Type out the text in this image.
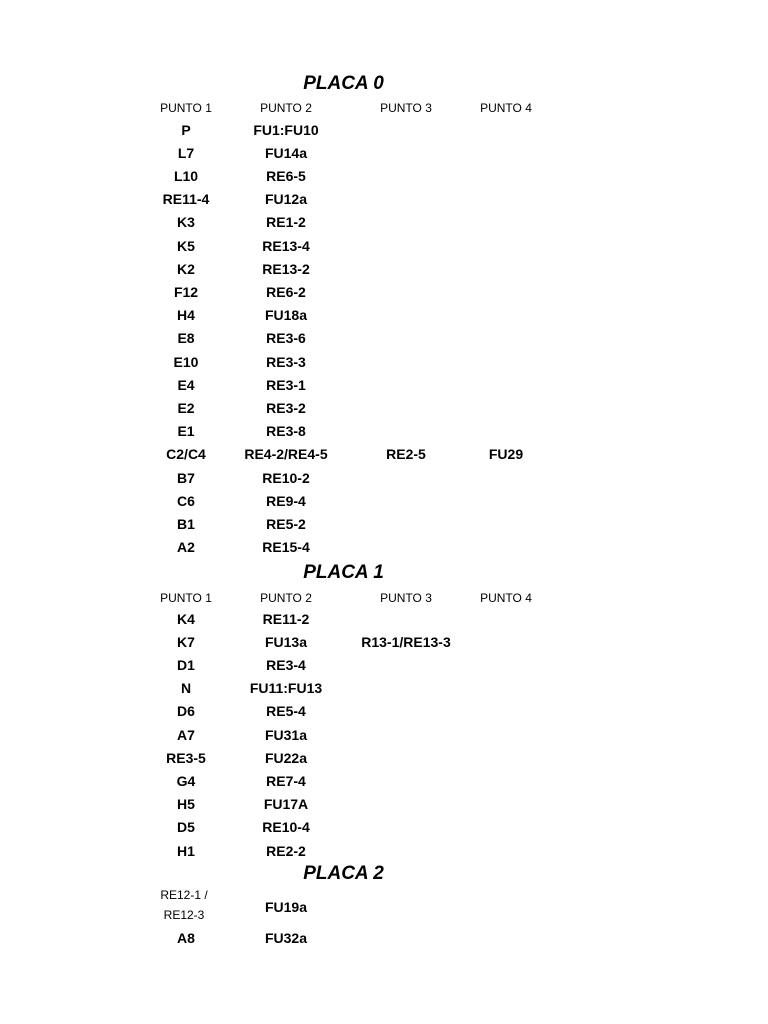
PLACA 0
PUNTO 1	PUNTO 2	PUNTO 3	PUNTO 4
P	FU1:FU10
L7	FU14a
L10	RE6-5
RE11-4	FU12a
K3	RE1-2
K5	RE13-4
K2	RE13-2
F12	RE6-2
H4	FU18a
E8	RE3-6
E10	RE3-3
E4	RE3-1
E2	RE3-2
E1	RE3-8
C2/C4	RE4-2/RE4-5	RE2-5	FU29
B7	RE10-2
C6	RE9-4
B1	RE5-2
A2	RE15-4
PLACA 1
PUNTO 1	PUNTO 2	PUNTO 3	PUNTO 4
K4	RE11-2
K7	FU13a	R13-1/RE13-3
D1	RE3-4
N	FU11:FU13
D6	RE5-4
A7	FU31a
RE3-5	FU22a
G4	RE7-4
H5	FU17A
D5	RE10-4
H1	RE2-2
PLACA 2
RE12-1 / RE12-3	FU19a
A8	FU32a
